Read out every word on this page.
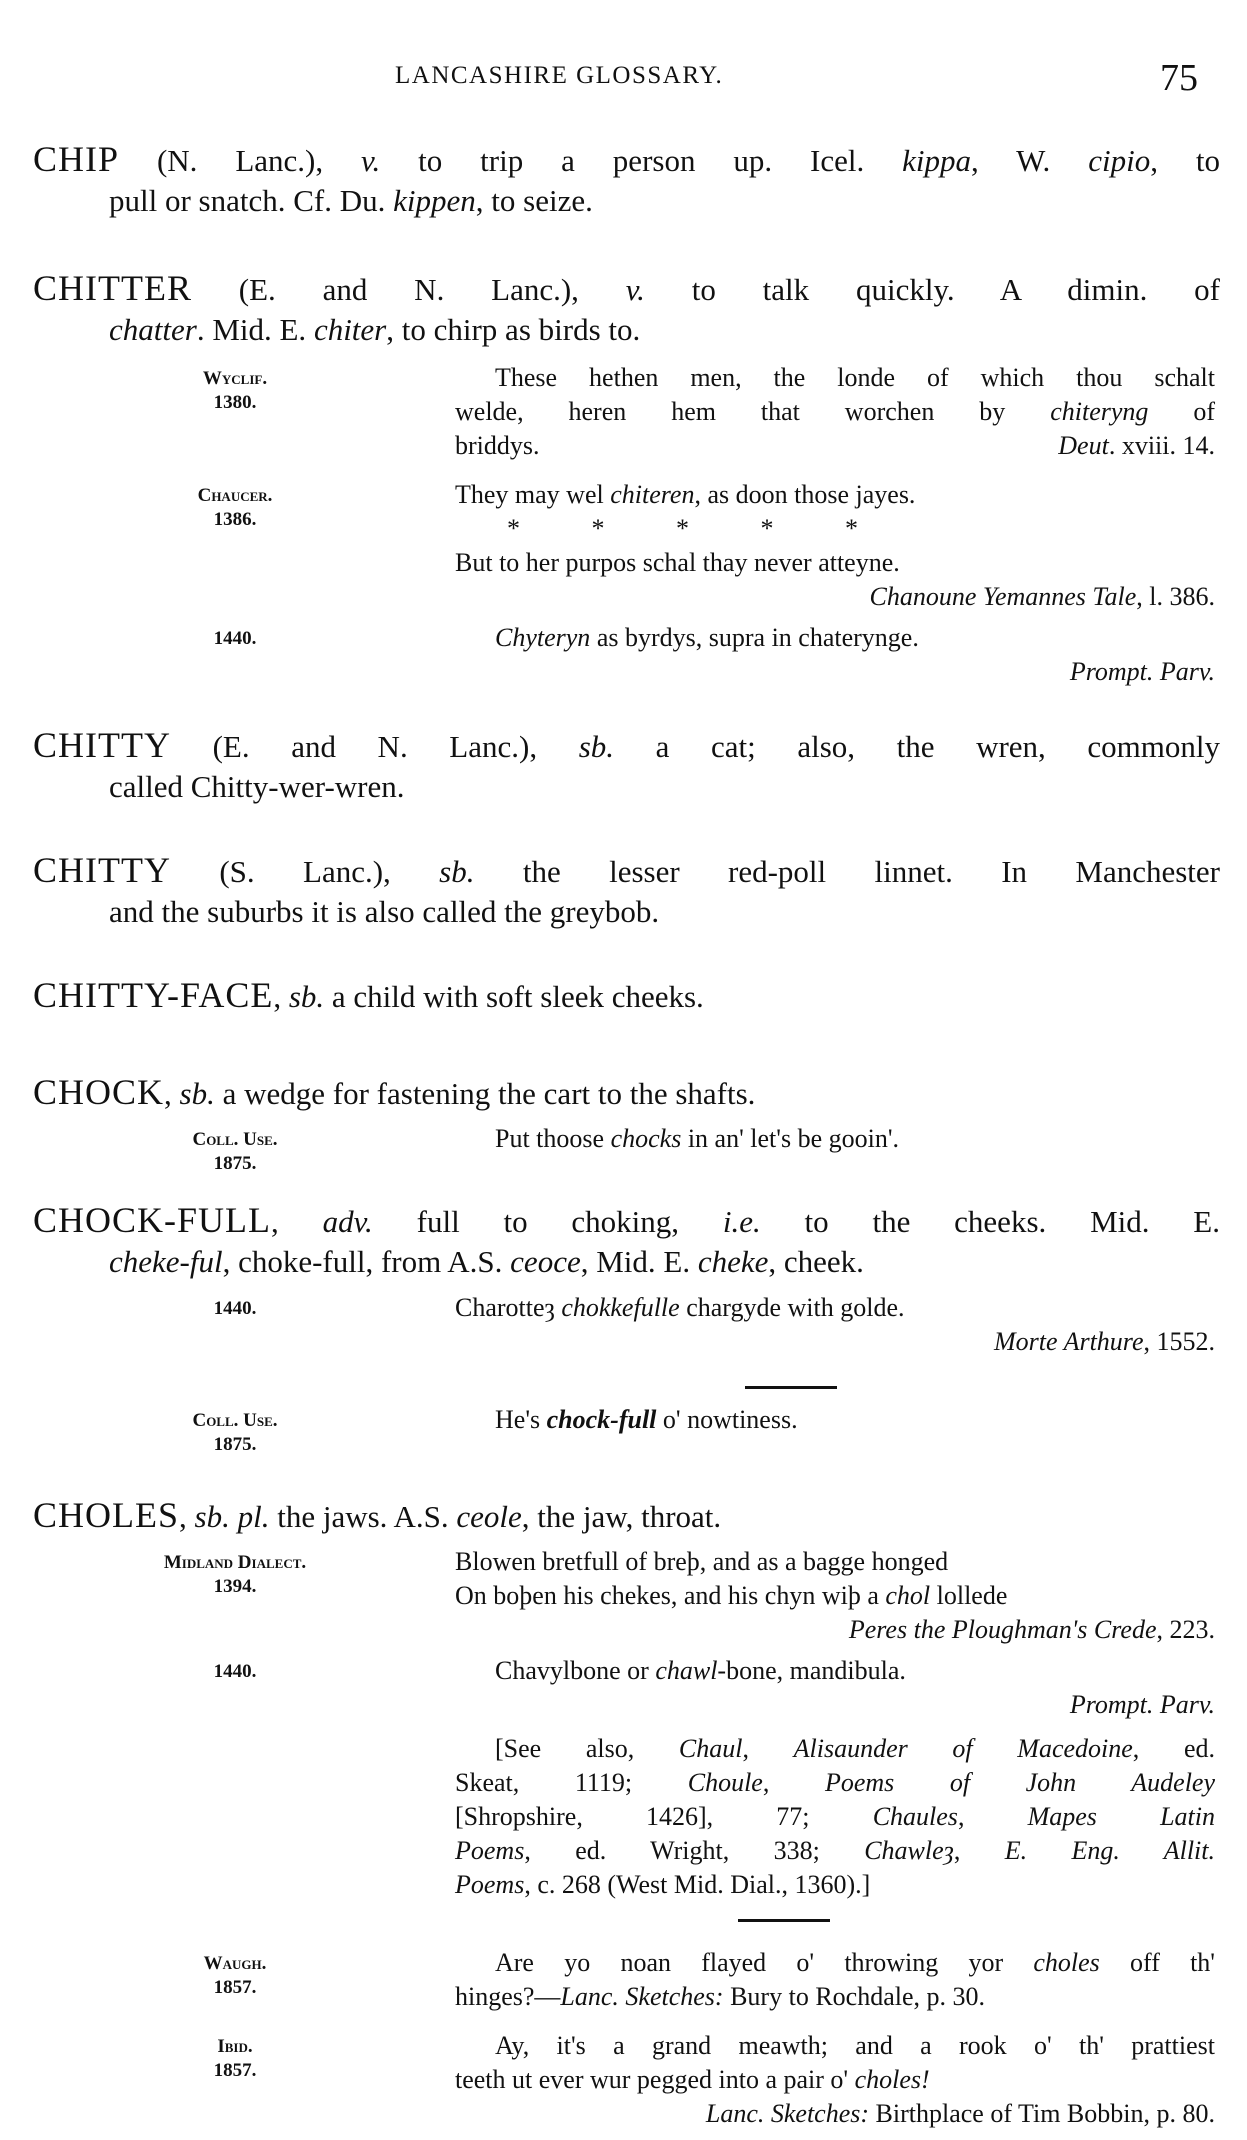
LANCASHIRE GLOSSARY.	75
CHIP (N. Lanc.), v. to trip a person up. Icel. kippa, W. cipio, to
pull or snatch. Cf. Du. kippen, to seize.
CHITTER (E. and N. Lanc.), v. to talk quickly. A dimin. of
chatter. Mid. E. chiter, to chirp as birds to.
These hethen men, the londe of which thou schalt
welde, heren hem that worchen by chiteryng of
briddys.	Deut. xviii. 14.
Wyclif.
1380.
They may wel chiteren, as doon those jayes.
*           *           *           *           *
But to her purpos schal thay never atteyne.
Chanoune Yemannes Tale, l. 386.
Chaucer.
1386.
Chyteryn as byrdys, supra in chaterynge.
Prompt. Parv.
1440.
CHITTY (E. and N. Lanc.), sb. a cat; also, the wren, commonly
called Chitty-wer-wren.
CHITTY (S. Lanc.), sb. the lesser red-poll linnet. In Manchester
and the suburbs it is also called the greybob.
CHITTY-FACE, sb. a child with soft sleek cheeks.
CHOCK, sb. a wedge for fastening the cart to the shafts.
Put thoose chocks in an' let's be gooin'.
Coll. Use.
1875.
CHOCK-FULL, adv. full to choking, i.e. to the cheeks. Mid. E.
cheke-ful, choke-full, from A.S. ceoce, Mid. E. cheke, cheek.
Charotteȝ chokkefulle chargyde with golde.
Morte Arthure, 1552.
1440.
He's chock-full o' nowtiness.
Coll. Use.
1875.
CHOLES, sb. pl. the jaws. A.S. ceole, the jaw, throat.
Blowen bretfull of breþ, and as a bagge honged
On boþen his chekes, and his chyn wiþ a chol lollede
Peres the Ploughman's Crede, 223.
Midland Dialect.
1394.
Chavylbone or chawl-bone, mandibula.
Prompt. Parv.
1440.
[See also, Chaul, Alisaunder of Macedoine, ed.
Skeat, 1119; Choule, Poems of John Audeley
[Shropshire, 1426], 77; Chaules, Mapes Latin
Poems, ed. Wright, 338; Chawleȝ, E. Eng. Allit.
Poems, c. 268 (West Mid. Dial., 1360).]
Are yo noan flayed o' throwing yor choles off th'
hinges?—Lanc. Sketches: Bury to Rochdale, p. 30.
Waugh.
1857.
Ay, it's a grand meawth; and a rook o' th' prattiest
teeth ut ever wur pegged into a pair o' choles!
Lanc. Sketches: Birthplace of Tim Bobbin, p. 80.
Ibid.
1857.
